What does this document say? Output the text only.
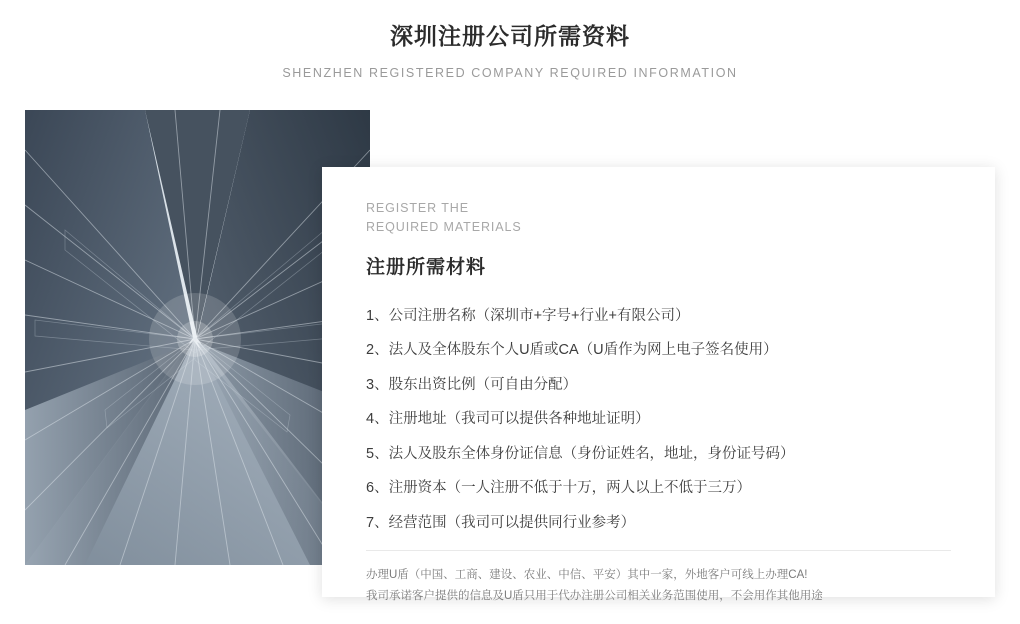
深圳注册公司所需资料
SHENZHEN REGISTERED COMPANY REQUIRED INFORMATION
REGISTER THE
REQUIRED MATERIALS
注册所需材料
1、公司注册名称（深圳市+字号+行业+有限公司）
2、法人及全体股东个人U盾或CA（U盾作为网上电子签名使用）
3、股东出资比例（可自由分配）
4、注册地址（我司可以提供各种地址证明）
5、法人及股东全体身份证信息（身份证姓名，地址，身份证号码）
6、注册资本（一人注册不低于十万，两人以上不低于三万）
7、经营范围（我司可以提供同行业参考）
办理U盾（中国、工商、建设、农业、中信、平安）其中一家，外地客户可线上办理CA!
我司承诺客户提供的信息及U盾只用于代办注册公司相关业务范围使用，不会用作其他用途
